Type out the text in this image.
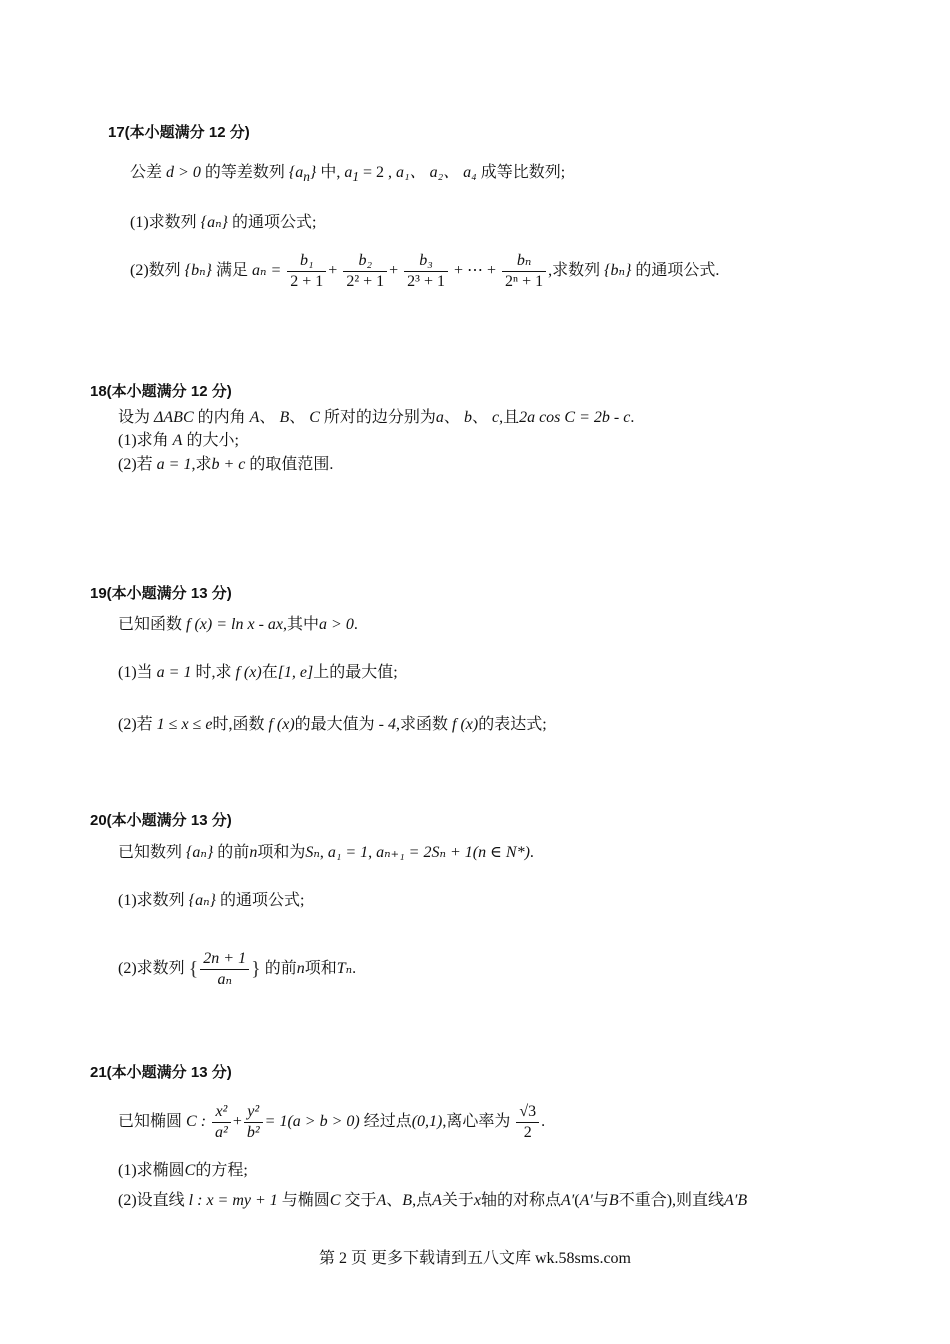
17(本小题满分 12 分)
公差 d > 0 的等差数列 $\{a_n\}$ 中, $a_1 = 2$ , a₁、 a₂、 a₄ 成等比数列;
(1)求数列 {aₙ} 的通项公式;
(2)数列 {bₙ} 满足 $a_n = \frac{\text{b₁}}{2 + 1} + \frac{\text{b₂}}{\text{2² + 1}} + \frac{\text{b₃}}{\text{2³ + 1}}$ + ⋯ + $\frac{\text{bₙ}}{\text{2ⁿ + 1}}$ ,求数列 {bₙ} 的通项公式.
18(本小题满分 12 分)
设为 ΔABC 的内角 A、 B、 C 所对的边分别为a、 b、 c,且2a cos C = 2b - c.
(1)求角 A 的大小;
(2)若 a = 1,求b + c 的取值范围.
19(本小题满分 13 分)
已知函数 f (x) = ln x - ax,其中a > 0.
(1)当 a = 1 时,求 f (x)在[1, e]上的最大值;
(2)若 1 ≤ x ≤ e时,函数 f (x)的最大值为 - 4,求函数 f (x)的表达式;
20(本小题满分 13 分)
已知数列 {aₙ} 的前n项和为Sₙ, a₁ = 1, aₙ₊₁ = 2Sₙ + 1(n ∈ N*).
(1)求数列 {aₙ} 的通项公式;
(2)求数列 { $\frac{2n + 1}{\text{aₙ}}$ } 的前n项和Tₙ.
21(本小题满分 13 分)
已知椭圆 C : $\frac{\text{x²}}{\text{a²}} + \frac{\text{y²}}{\text{b²}} = 1(a > b > 0)$ 经过点(0,1),离心率为 $\frac{√3}{2}$ .
(1)求椭圆C的方程;
(2)设直线 l : x = my + 1 与椭圆C 交于A、B,点A关于x轴的对称点A′(A′与B不重合),则直线A′B
第 2 页 更多下载请到五八文库 wk.58sms.com
